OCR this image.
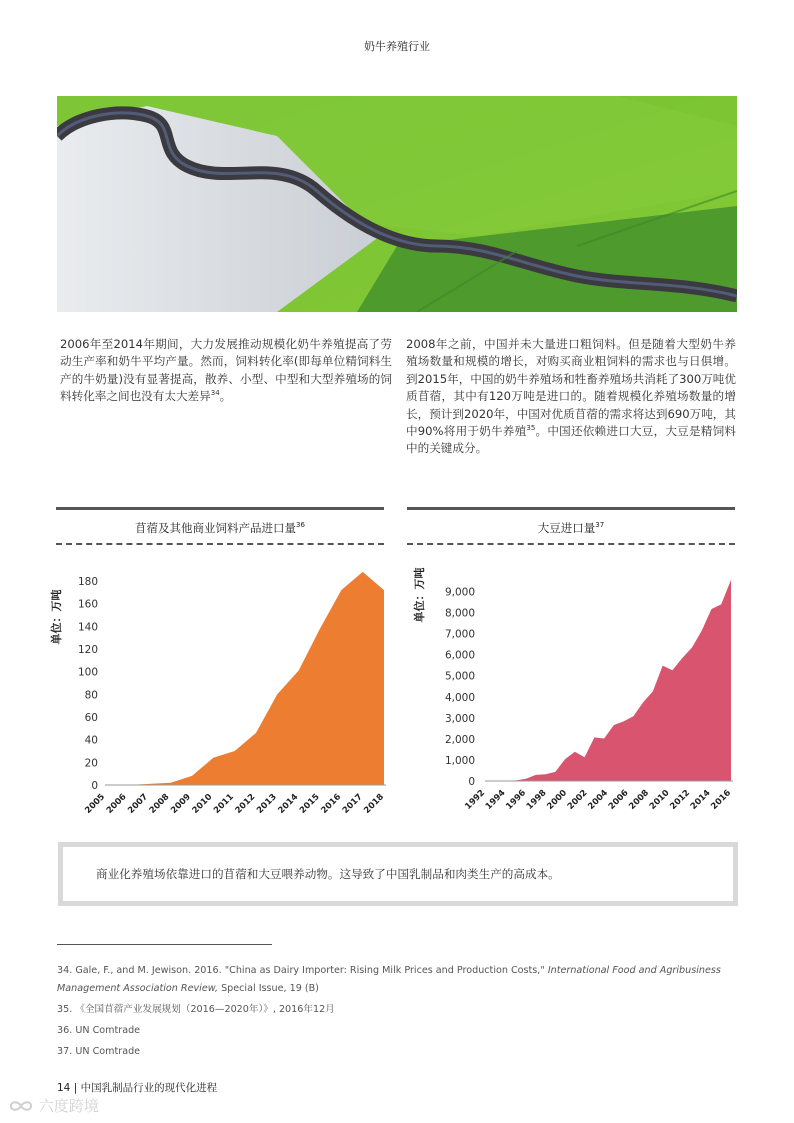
奶牛养殖行业
2006年至2014年期间，大力发展推动规模化奶牛养殖提高了劳动生产率和奶牛平均产量。然而，饲料转化率(即每单位精饲料生产的牛奶量)没有显著提高，散养、小型、中型和大型养殖场的饲料转化率之间也没有太大差异$^{34}$。
2008年之前，中国并未大量进口粗饲料。但是随着大型奶牛养殖场数量和规模的增长，对购买商业粗饲料的需求也与日俱增。到2015年，中国的奶牛养殖场和牲畜养殖场共消耗了300万吨优质苜蓿，其中有120万吨是进口的。随着规模化养殖场数量的增长，预计到2020年，中国对优质苜蓿的需求将达到690万吨，其中90%将用于奶牛养殖$^{35}$。中国还依赖进口大豆，大豆是精饲料中的关键成分。
苜蓿及其他商业饲料产品进口量$^{36}$
单位：万吨
0
20
40
60
80
100
120
140
160
180
2005
2006
2007
2008
2009
2010
2011
2012
2013
2014
2015
2016
2017
2018
大豆进口量$^{37}$
单位：万吨
0
1,000
2,000
3,000
4,000
5,000
6,000
7,000
8,000
9,000
1992
1994
1996
1998
2000
2002
2004
2006
2008
2010
2012
2014
2016
商业化养殖场依靠进口的苜蓿和大豆喂养动物。这导致了中国乳制品和肉类生产的高成本。
34. Gale, F., and M. Jewison. 2016. "China as Dairy Importer: Rising Milk Prices and Production Costs," International Food and Agribusiness Management Association Review, Special Issue, 19 (B)
35. 《全国苜蓿产业发展规划（2016—2020年）》, 2016年12月
36. UN Comtrade
37. UN Comtrade
14 | 中国乳制品行业的现代化进程
六度跨境
